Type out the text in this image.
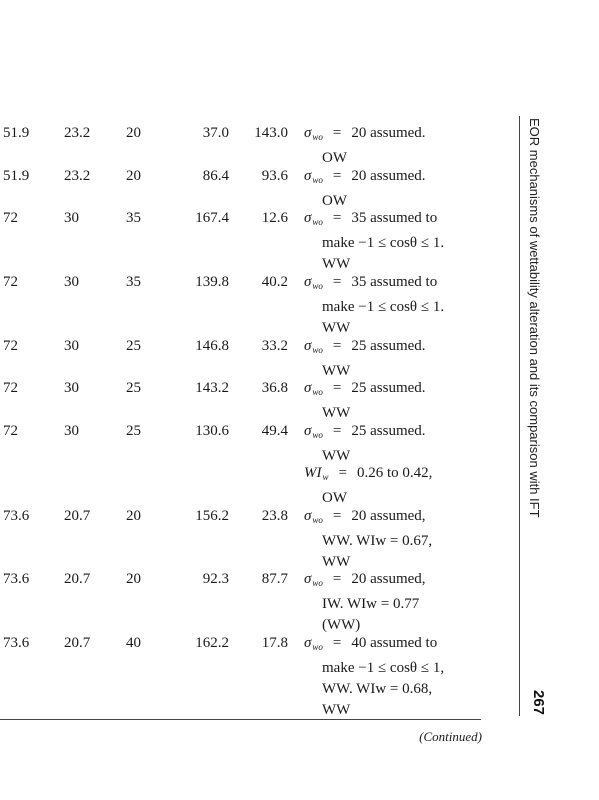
51.9 23.2 20	37.0 143.0 $\sigma_{wo} = 20$ assumed.
OW
51.9 23.2 20	86.4 93.6 $\sigma_{wo} = 20$ assumed.
OW
72	30	35	167.4 12.6 $\sigma_{wo} = 35$ assumed to
make −1 ≤ cosθ ≤ 1.
WW
72	30	35	139.8 40.2 $\sigma_{wo} = 35$ assumed to
make −1 ≤ cosθ ≤ 1.
WW
72	30	25	146.8 33.2 $\sigma_{wo} = 25$ assumed.
WW
72	30	25	143.2 36.8 $\sigma_{wo} = 25$ assumed.
WW
72	30	25	130.6 49.4 $\sigma_{wo} = 25$ assumed.
WW
$WI_w = 0.26$ to 0.42,
OW
73.6 20.7 20	156.2 23.8 $\sigma_{wo} = 20$ assumed,
WW. WIw = 0.67,
WW
73.6 20.7 20	92.3 87.7 $\sigma_{wo} = 20$ assumed,
IW. WIw = 0.77
(WW)
73.6 20.7 40	162.2 17.8 $\sigma_{wo} = 40$ assumed to
make −1 ≤ cosθ ≤ 1,
WW. WIw = 0.68,
WW
EOR mechanisms of wettability alteration and its comparison with IFT
267
(Continued)
